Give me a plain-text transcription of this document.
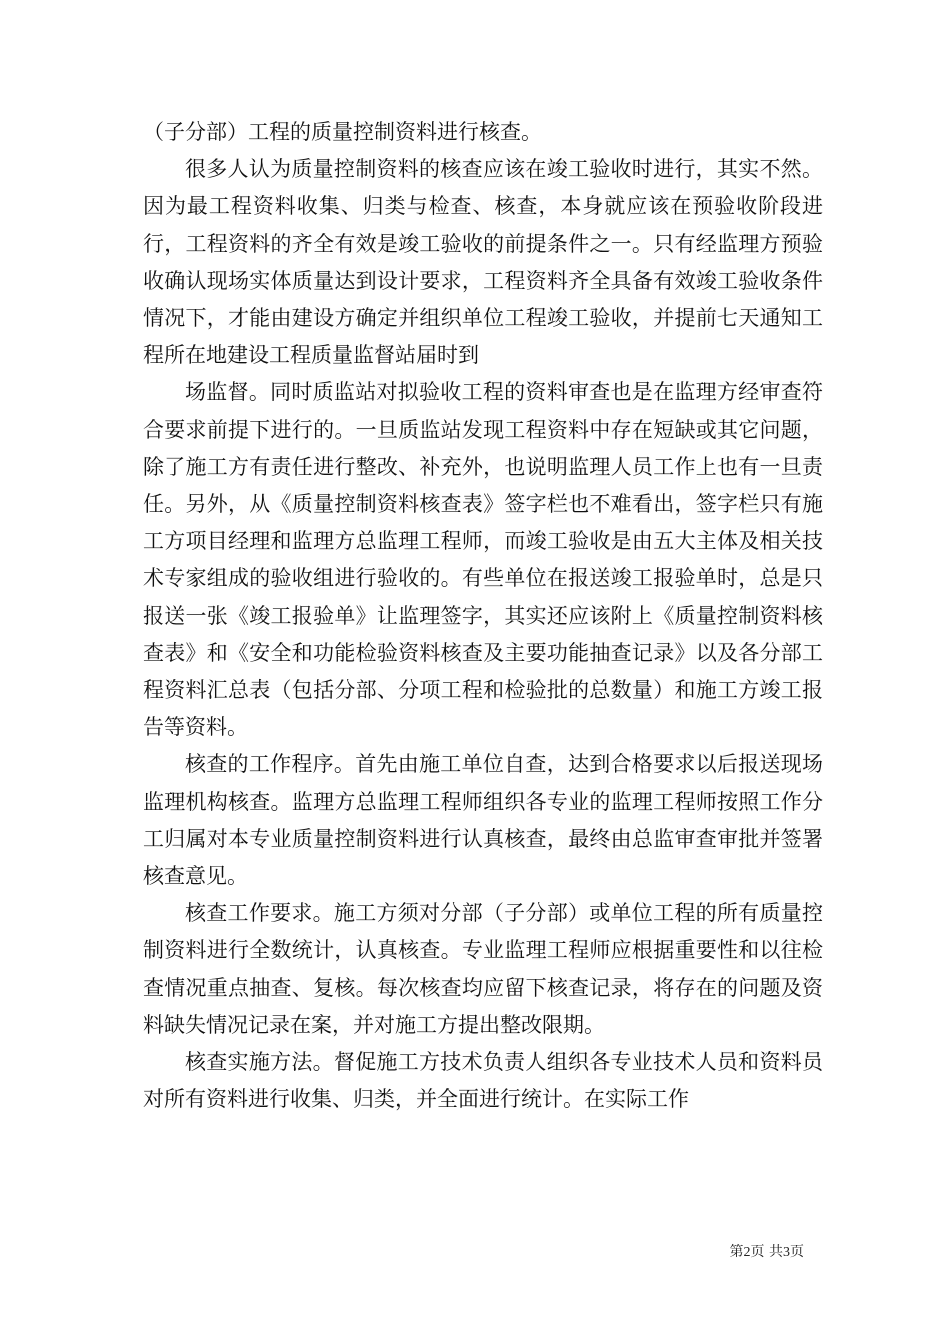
（子分部）工程的质量控制资料进行核查。

很多人认为质量控制资料的核查应该在竣工验收时进行，其实不然。因为最工程资料收集、归类与检查、核查，本身就应该在预验收阶段进行，工程资料的齐全有效是竣工验收的前提条件之一。只有经监理方预验收确认现场实体质量达到设计要求，工程资料齐全具备有效竣工验收条件情况下，才能由建设方确定并组织单位工程竣工验收，并提前七天通知工程所在地建设工程质量监督站届时到

场监督。同时质监站对拟验收工程的资料审查也是在监理方经审查符合要求前提下进行的。一旦质监站发现工程资料中存在短缺或其它问题，除了施工方有责任进行整改、补充外，也说明监理人员工作上也有一旦责任。另外，从《质量控制资料核查表》签字栏也不难看出，签字栏只有施工方项目经理和监理方总监理工程师，而竣工验收是由五大主体及相关技术专家组成的验收组进行验收的。有些单位在报送竣工报验单时，总是只报送一张《竣工报验单》让监理签字，其实还应该附上《质量控制资料核查表》和《安全和功能检验资料核查及主要功能抽查记录》以及各分部工程资料汇总表（包括分部、分项工程和检验批的总数量）和施工方竣工报告等资料。

核查的工作程序。首先由施工单位自查，达到合格要求以后报送现场监理机构核查。监理方总监理工程师组织各专业的监理工程师按照工作分工归属对本专业质量控制资料进行认真核查，最终由总监审查审批并签署核查意见。

核查工作要求。施工方须对分部（子分部）或单位工程的所有质量控制资料进行全数统计，认真核查。专业监理工程师应根据重要性和以往检查情况重点抽查、复核。每次核查均应留下核查记录，将存在的问题及资料缺失情况记录在案，并对施工方提出整改限期。

核查实施方法。督促施工方技术负责人组织各专业技术人员和资料员对所有资料进行收集、归类，并全面进行统计。在实际工作

第2页 共3页
